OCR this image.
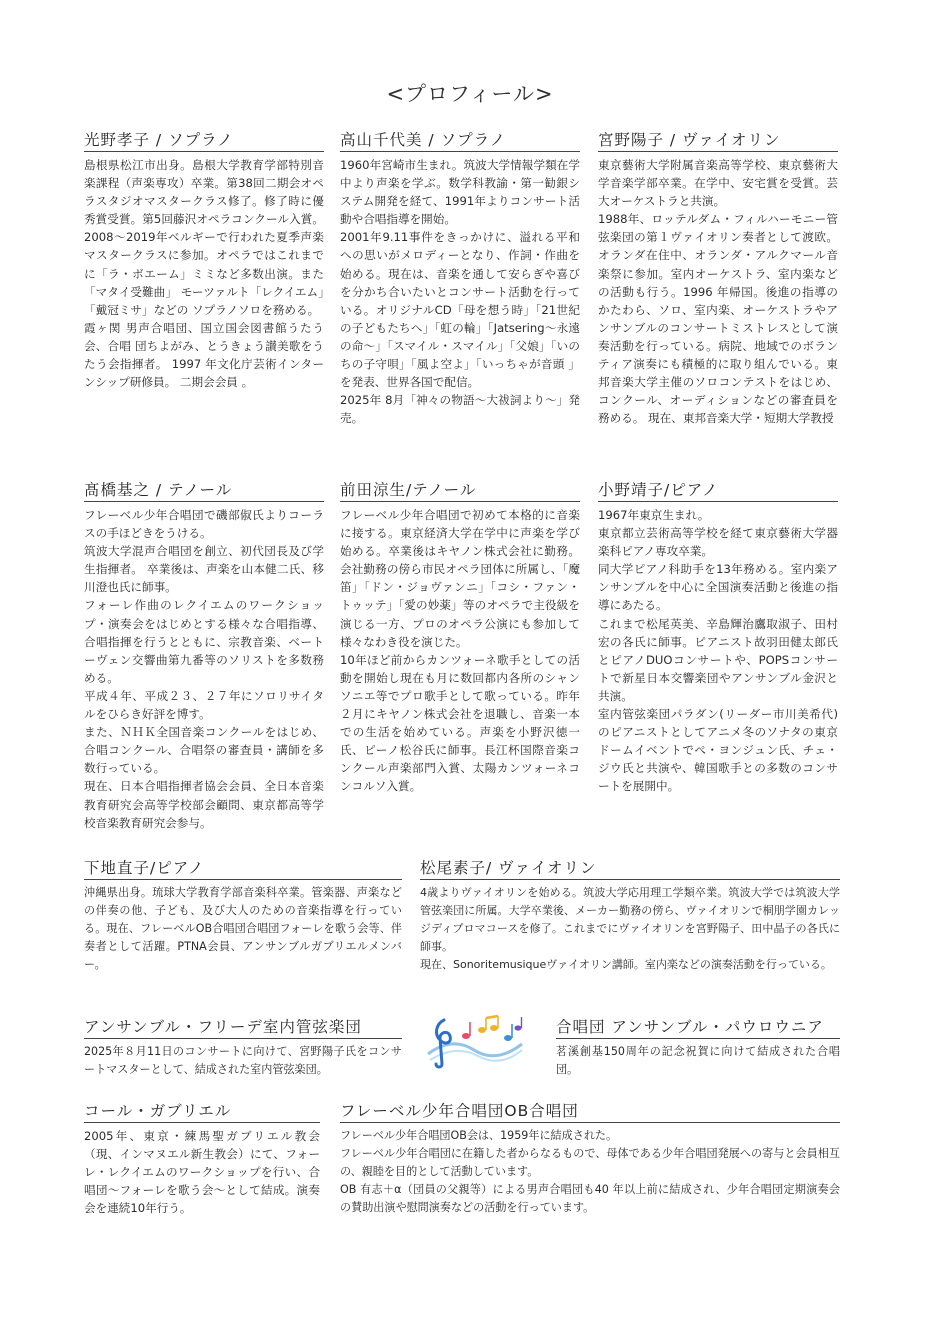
<プロフィール>
光野孝子 / ソプラノ

島根県松江市出身。島根大学教育学部特別音楽課程（声楽専攻）卒業。第38回二期会オペラスタジオマスタークラス修了。修了時に優秀賞受賞。第5回藤沢オペラコンクール入賞。2008～2019年ベルギーで行われた夏季声楽マスタークラスに参加。オペラではこれまでに「ラ・ボエーム」ミミなど多数出演。また「マタイ受難曲」 モーツァルト「レクイエム」「戴冠ミサ」などの ソプラノソロを務める。

霞ヶ関 男声合唱団、国立国会図書館うたう会、合唱 団ちよがみ、とうきょう讃美歌をうたう会指揮者。 1997 年文化庁芸術インターンシップ研修員。 二期会会員 。

高山千代美 / ソプラノ

1960年宮崎市生まれ。筑波大学情報学類在学中より声楽を学ぶ。数学科教諭・第一勧銀システム開発を経て、1991年よりコンサート活動や合唱指導を開始。

2001年9.11事件をきっかけに、溢れる平和への思いがメロディーとなり、作詞・作曲を始める。現在は、音楽を通して安らぎや喜びを分かち合いたいとコンサート活動を行っている。オリジナルCD「母を想う時」「21世紀の子どもたちへ」「虹の輪」「Jatsering～永遠の命～」「スマイル・スマイル」「父娘」「いのちの子守唄」「風よ空よ」「いっちゃが音頭 」を発表、世界各国で配信。

2025年 8月「神々の物語～大祓詞より～」発売。

宮野陽子 / ヴァイオリン

東京藝術大学附属音楽高等学校、東京藝術大学音楽学部卒業。在学中、安宅賞を受賞。芸大オーケストラと共演。

1988年、ロッテルダム・フィルハーモニー管弦楽団の第１ヴァイオリン奏者として渡欧。オランダ在住中、オランダ・アルクマール音楽祭に参加。室内オーケストラ、室内楽などの活動も行う。1996 年帰国。後進の指導のかたわら、ソロ、室内楽、オーケストラやアンサンブルのコンサートミストレスとして演奏活動を行っている。病院、地域でのボランティア演奏にも積極的に取り組んでいる。東邦音楽大学主催のソロコンテストをはじめ、コンクール、オーディションなどの審査員を務める。 現在、東邦音楽大学・短期大学教授

髙橋基之 / テノール

フレーベル少年合唱団で磯部俶氏よりコーラスの手ほどきをうける。

筑波大学混声合唱団を創立、初代団長及び学生指揮者。 卒業後は、声楽を山本健二氏、移川澄也氏に師事。

フォーレ作曲のレクイエムのワークショップ・演奏会をはじめとする様々な合唱指導、合唱指揮を行うとともに、宗教音楽、ベートーヴェン交響曲第九番等のソリストを多数務める。

平成４年、平成２３、２７年にソロリサイタルをひらき好評を博す。

また、ＮＨＫ全国音楽コンクールをはじめ、合唱コンクール、合唱祭の審査員・講師を多数行っている。

現在、日本合唱指揮者協会会員、全日本音楽教育研究会高等学校部会顧問、東京都高等学校音楽教育研究会参与。

前田涼生/テノール

フレーベル少年合唱団で初めて本格的に音楽に接する。東京経済大学在学中に声楽を学び始める。卒業後はキヤノン株式会社に勤務。会社勤務の傍ら市民オペラ団体に所属し、「魔笛」「ドン・ジョヴァンニ」「コシ・ファン・トゥッテ」「愛の妙薬」等のオペラで主役級を演じる一方、プロのオペラ公演にも参加して様々なわき役を演じた。

10年ほど前からカンツォーネ歌手としての活動を開始し現在も月に数回都内各所のシャンソニエ等でプロ歌手として歌っている。昨年２月にキヤノン株式会社を退職し、音楽一本での生活を始めている。声楽を小野沢徳一氏、ピーノ松谷氏に師事。長江杯国際音楽コンクール声楽部門入賞、太陽カンツォーネコンコルソ入賞。

小野靖子/ピアノ

1967年東京生まれ。

東京都立芸術高等学校を経て東京藝術大学器楽科ピアノ専攻卒業。

同大学ピアノ科助手を13年務める。室内楽アンサンブルを中心に全国演奏活動と後進の指導にあたる。

これまで松尾英美、辛島輝治鷹取淑子、田村宏の各氏に師事。ピアニスト故羽田健太郎氏とピアノDUOコンサートや、POPSコンサートで新星日本交響楽団やアンサンブル金沢と共演。

室内管弦楽団パラダン(リーダー市川美希代)のピアニストとしてアニメ冬のソナタの東京ドームイベントでぺ・ヨンジュン氏、チェ・ジウ氏と共演や、韓国歌手との多数のコンサートを展開中。

下地直子/ピアノ

沖縄県出身。琉球大学教育学部音楽科卒業。管楽器、声楽などの伴奏の他、子ども、及び大人のための音楽指導を行っている。現在、フレーベルOB合唱団合唱団フォーレを歌う会等、伴奏者として活躍。PTNA会員、アンサンブルガブリエルメンバー。

松尾素子/ ヴァイオリン

4歳よりヴァイオリンを始める。筑波大学応用理工学類卒業。筑波大学では筑波大学管弦楽団に所属。大学卒業後、メーカー勤務の傍ら、ヴァイオリンで桐朋学園カレッジディプロマコースを修了。これまでにヴァイオリンを宮野陽子、田中晶子の各氏に師事。

現在、Sonoritemusiqueヴァイオリン講師。室内楽などの演奏活動を行っている。

アンサンブル・フリーデ室内管弦楽団

2025年８月11日のコンサートに向けて、宮野陽子氏をコンサートマスターとして、結成された室内管弦楽団。

合唱団 アンサンブル・パウロウニア

茗溪創基150周年の記念祝賀に向けて結成された合唱団。

コール・ガブリエル

2005年、東京・練馬聖ガブリエル教会 （現、インマヌエル新生教会）にて、フォーレ・レクイエムのワークショップを行い、合唱団～フォーレを歌う会～として結成。演奏会を連続10年行う。

フレーベル少年合唱団OB合唱団

フレーベル少年合唱団OB会は、1959年に結成された。

フレーベル少年合唱団に在籍した者からなるもので、母体である少年合唱団発展への寄与と会員相互の、親睦を目的として活動しています。

OB 有志＋α（団員の父親等）による男声合唱団も40 年以上前に結成され、少年合唱団定期演奏会の賛助出演や慰問演奏などの活動を行っています。
